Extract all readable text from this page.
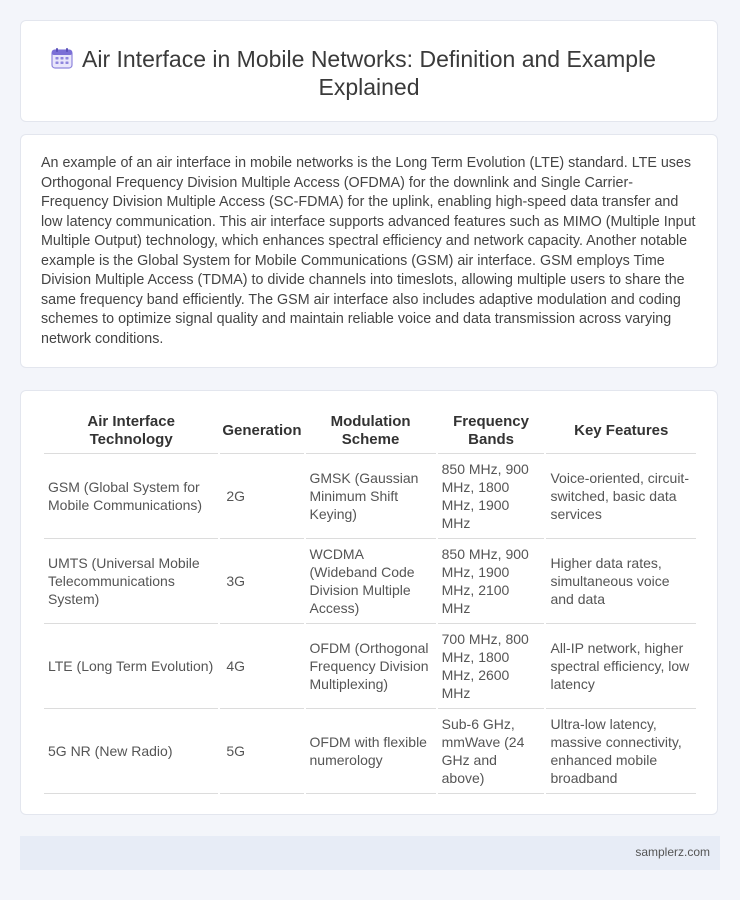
Air Interface in Mobile Networks: Definition and Example Explained

An example of an air interface in mobile networks is the Long Term Evolution (LTE) standard. LTE uses Orthogonal Frequency Division Multiple Access (OFDMA) for the downlink and Single Carrier-Frequency Division Multiple Access (SC-FDMA) for the uplink, enabling high-speed data transfer and low latency communication. This air interface supports advanced features such as MIMO (Multiple Input Multiple Output) technology, which enhances spectral efficiency and network capacity. Another notable example is the Global System for Mobile Communications (GSM) air interface. GSM employs Time Division Multiple Access (TDMA) to divide channels into timeslots, allowing multiple users to share the same frequency band efficiently. The GSM air interface also includes adaptive modulation and coding schemes to optimize signal quality and maintain reliable voice and data transmission across varying network conditions.

Air Interface Technology	Generation	Modulation Scheme	Frequency Bands	Key Features
GSM (Global System for Mobile Communications)	2G	GMSK (Gaussian Minimum Shift Keying)	850 MHz, 900 MHz, 1800 MHz, 1900 MHz	Voice-oriented, circuit-switched, basic data services
UMTS (Universal Mobile Telecommunications System)	3G	WCDMA (Wideband Code Division Multiple Access)	850 MHz, 900 MHz, 1900 MHz, 2100 MHz	Higher data rates, simultaneous voice and data
LTE (Long Term Evolution)	4G	OFDM (Orthogonal Frequency Division Multiplexing)	700 MHz, 800 MHz, 1800 MHz, 2600 MHz	All-IP network, higher spectral efficiency, low latency
5G NR (New Radio)	5G	OFDM with flexible numerology	Sub-6 GHz, mmWave (24 GHz and above)	Ultra-low latency, massive connectivity, enhanced mobile broadband
samplerz.com
